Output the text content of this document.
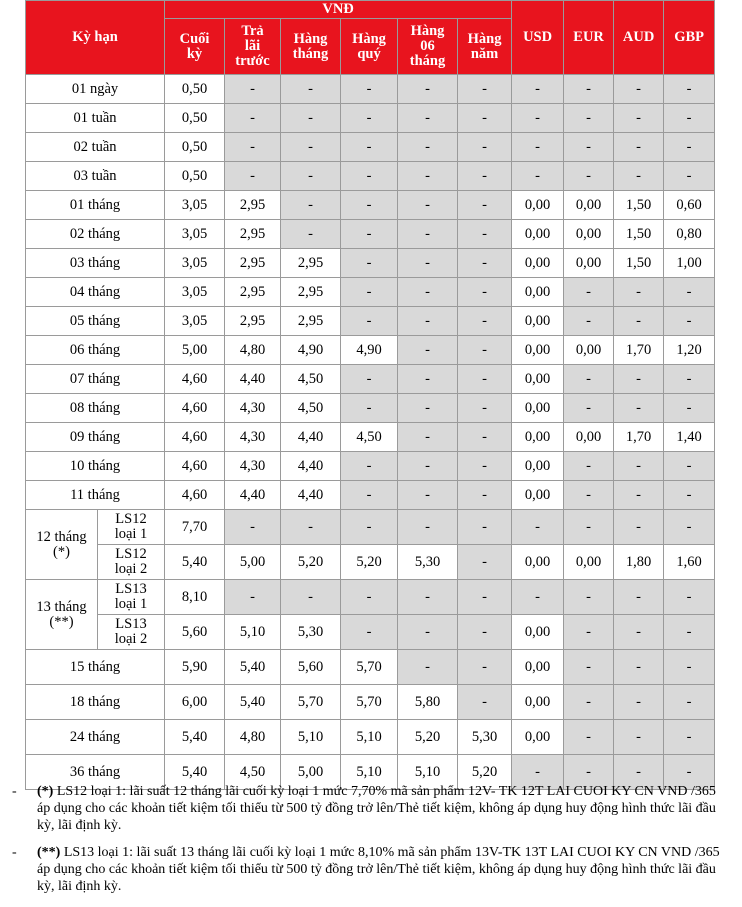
Kỳ hạn		VNĐ						USD	EUR	AUD	GBP
		Cuối kỳ	Trả lãi trước	Hàng tháng	Hàng quý	Hàng 06 tháng	Hàng năm				
01 ngày		0,50	-	-	-	-	-	-	-	-	-
01 tuần		0,50	-	-	-	-	-	-	-	-	-
02 tuần		0,50	-	-	-	-	-	-	-	-	-
03 tuần		0,50	-	-	-	-	-	-	-	-	-
01 tháng		3,05	2,95	-	-	-	-	0,00	0,00	1,50	0,60
02 tháng		3,05	2,95	-	-	-	-	0,00	0,00	1,50	0,80
03 tháng		3,05	2,95	2,95	-	-	-	0,00	0,00	1,50	1,00
04 tháng		3,05	2,95	2,95	-	-	-	0,00	-	-	-
05 tháng		3,05	2,95	2,95	-	-	-	0,00	-	-	-
06 tháng		5,00	4,80	4,90	4,90	-	-	0,00	0,00	1,70	1,20
07 tháng		4,60	4,40	4,50	-	-	-	0,00	-	-	-
08 tháng		4,60	4,30	4,50	-	-	-	0,00	-	-	-
09 tháng		4,60	4,30	4,40	4,50	-	-	0,00	0,00	1,70	1,40
10 tháng		4,60	4,30	4,40	-	-	-	0,00	-	-	-
11 tháng		4,60	4,40	4,40	-	-	-	0,00	-	-	-
12 tháng (*)	LS12 loại 1	7,70	-	-	-	-	-	-	-	-	-
	LS12 loại 2	5,40	5,00	5,20	5,20	5,30	-	0,00	0,00	1,80	1,60
13 tháng (**)	LS13 loại 1	8,10	-	-	-	-	-	-	-	-	-
	LS13 loại 2	5,60	5,10	5,30	-	-	-	0,00	-	-	-
15 tháng		5,90	5,40	5,60	5,70	-	-	0,00	-	-	-
18 tháng		6,00	5,40	5,70	5,70	5,80	-	0,00	-	-	-
24 tháng		5,40	4,80	5,10	5,10	5,20	5,30	0,00	-	-	-
36 tháng		5,40	4,50	5,00	5,10	5,10	5,20	-	-	-	-
- (*) LS12 loại 1: lãi suất 12 tháng lãi cuối kỳ loại 1 mức 7,70% mã sản phẩm 12V- TK 12T LAI CUOI KY CN VND /365 áp dụng cho các khoản tiết kiệm tối thiểu từ 500 tỷ đồng trở lên/Thẻ tiết kiệm, không áp dụng huy động hình thức lãi đầu kỳ, lãi định kỳ.
- (**) LS13 loại 1: lãi suất 13 tháng lãi cuối kỳ loại 1 mức 8,10% mã sản phẩm 13V-TK 13T LAI CUOI KY CN VND /365 áp dụng cho các khoản tiết kiệm tối thiểu từ 500 tỷ đồng trở lên/Thẻ tiết kiệm, không áp dụng huy động hình thức lãi đầu kỳ, lãi định kỳ.
